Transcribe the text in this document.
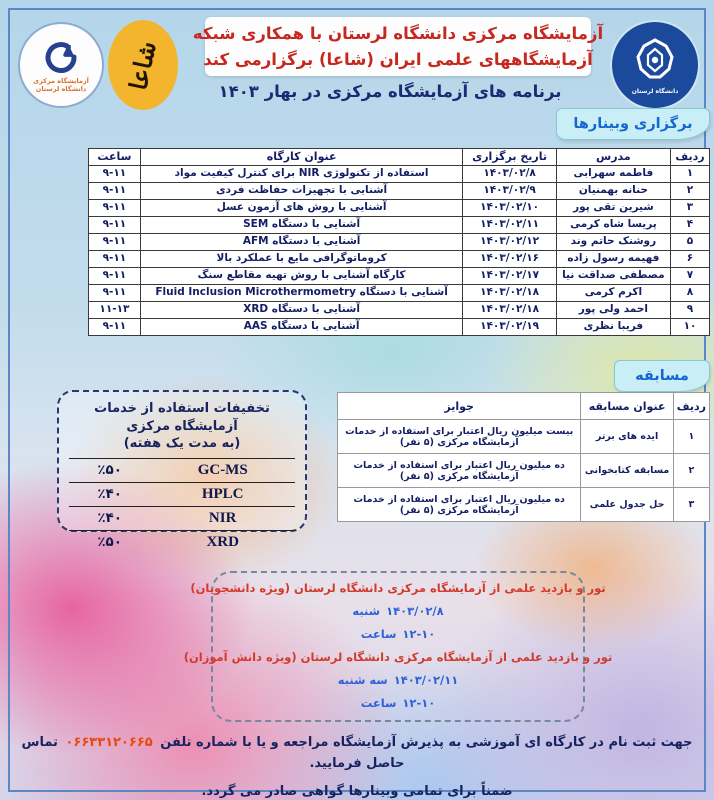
دانشگاه لرستان
آزمایشگاه مرکزی
دانشگاه لرستان شاعا
آزمایشگاه مرکزی دانشگاه لرستان با همکاری شبکه
آزمایشگاههای علمی ایران (شاعا) برگزارمی کند
برنامه های آزمایشگاه مرکزی در بهار ۱۴۰۳
برگزاری وبینارها
ردیف	مدرس	تاریخ برگزاری	عنوان کارگاه	ساعت
۱	فاطمه سهرابی	۱۴۰۳/۰۲/۸	استفاده از تکنولوژی NIR برای کنترل کیفیت مواد	۹-۱۱
۲	حنانه بهمنیان	۱۴۰۳/۰۲/۹	آشنایی با تجهیزات حفاظت فردی	۹-۱۱
۳	شیرین تقی پور	۱۴۰۳/۰۲/۱۰	آشنایی با روش های آزمون عسل	۹-۱۱
۴	پریسا شاه کرمی	۱۴۰۳/۰۲/۱۱	آشنایی با دستگاه SEM	۹-۱۱
۵	روشنک حاتم وند	۱۴۰۳/۰۲/۱۲	آشنایی با دستگاه AFM	۹-۱۱
۶	فهیمه رسول زاده	۱۴۰۳/۰۲/۱۶	کروماتوگرافی مایع با عملکرد بالا	۹-۱۱
۷	مصطفی صداقت نیا	۱۴۰۳/۰۲/۱۷	کارگاه آشنایی با روش تهیه مقاطع سنگ	۹-۱۱
۸	اکرم کرمی	۱۴۰۳/۰۲/۱۸	آشنایی با دستگاه Fluid Inclusion Microthermometry	۹-۱۱
۹	احمد ولی پور	۱۴۰۳/۰۲/۱۸	آشنایی با دستگاه XRD	۱۱-۱۳
۱۰	فریبا نظری	۱۴۰۳/۰۲/۱۹	آشنایی با دستگاه AAS	۹-۱۱
مسابقه
ردیف	عنوان مسابقه	جوایز
۱	ایده های برتر	بیست میلیون ریال اعتبار برای استفاده از خدمات آزمایشگاه مرکزی (۵ نفر)
۲	مسابقه کتابخوانی	ده میلیون ریال اعتبار برای استفاده از خدمات آزمایشگاه مرکزی (۵ نفر)
۳	حل جدول علمی	ده میلیون ریال اعتبار برای استفاده از خدمات آزمایشگاه مرکزی (۵ نفر)
تخفیفات استفاده از خدمات آزمایشگاه مرکزی
(به مدت یک هفته)
GC-MS	٪۵۰
HPLC	٪۴۰
NIR	٪۴۰
XRD	٪۵۰
تور و بازدید علمی از آزمایشگاه مرکزی دانشگاه لرستان (ویژه دانشجویان)
شنبه ۱۴۰۳/۰۲/۸
ساعت ۱۲-۱۰
تور و بازدید علمی از آزمایشگاه مرکزی دانشگاه لرستان (ویژه دانش آموزان)
سه شنبه ۱۴۰۳/۰۲/۱۱
ساعت ۱۲-۱۰
جهت ثبت نام در کارگاه ای آموزشی به پذیرش آزمایشگاه مراجعه و یا با شماره تلفن ۰۶۶۳۳۱۲۰۶۶۵ تماس حاصل فرمایید.
ضمناً برای تمامی وبینارها گواهی صادر می گردد.
